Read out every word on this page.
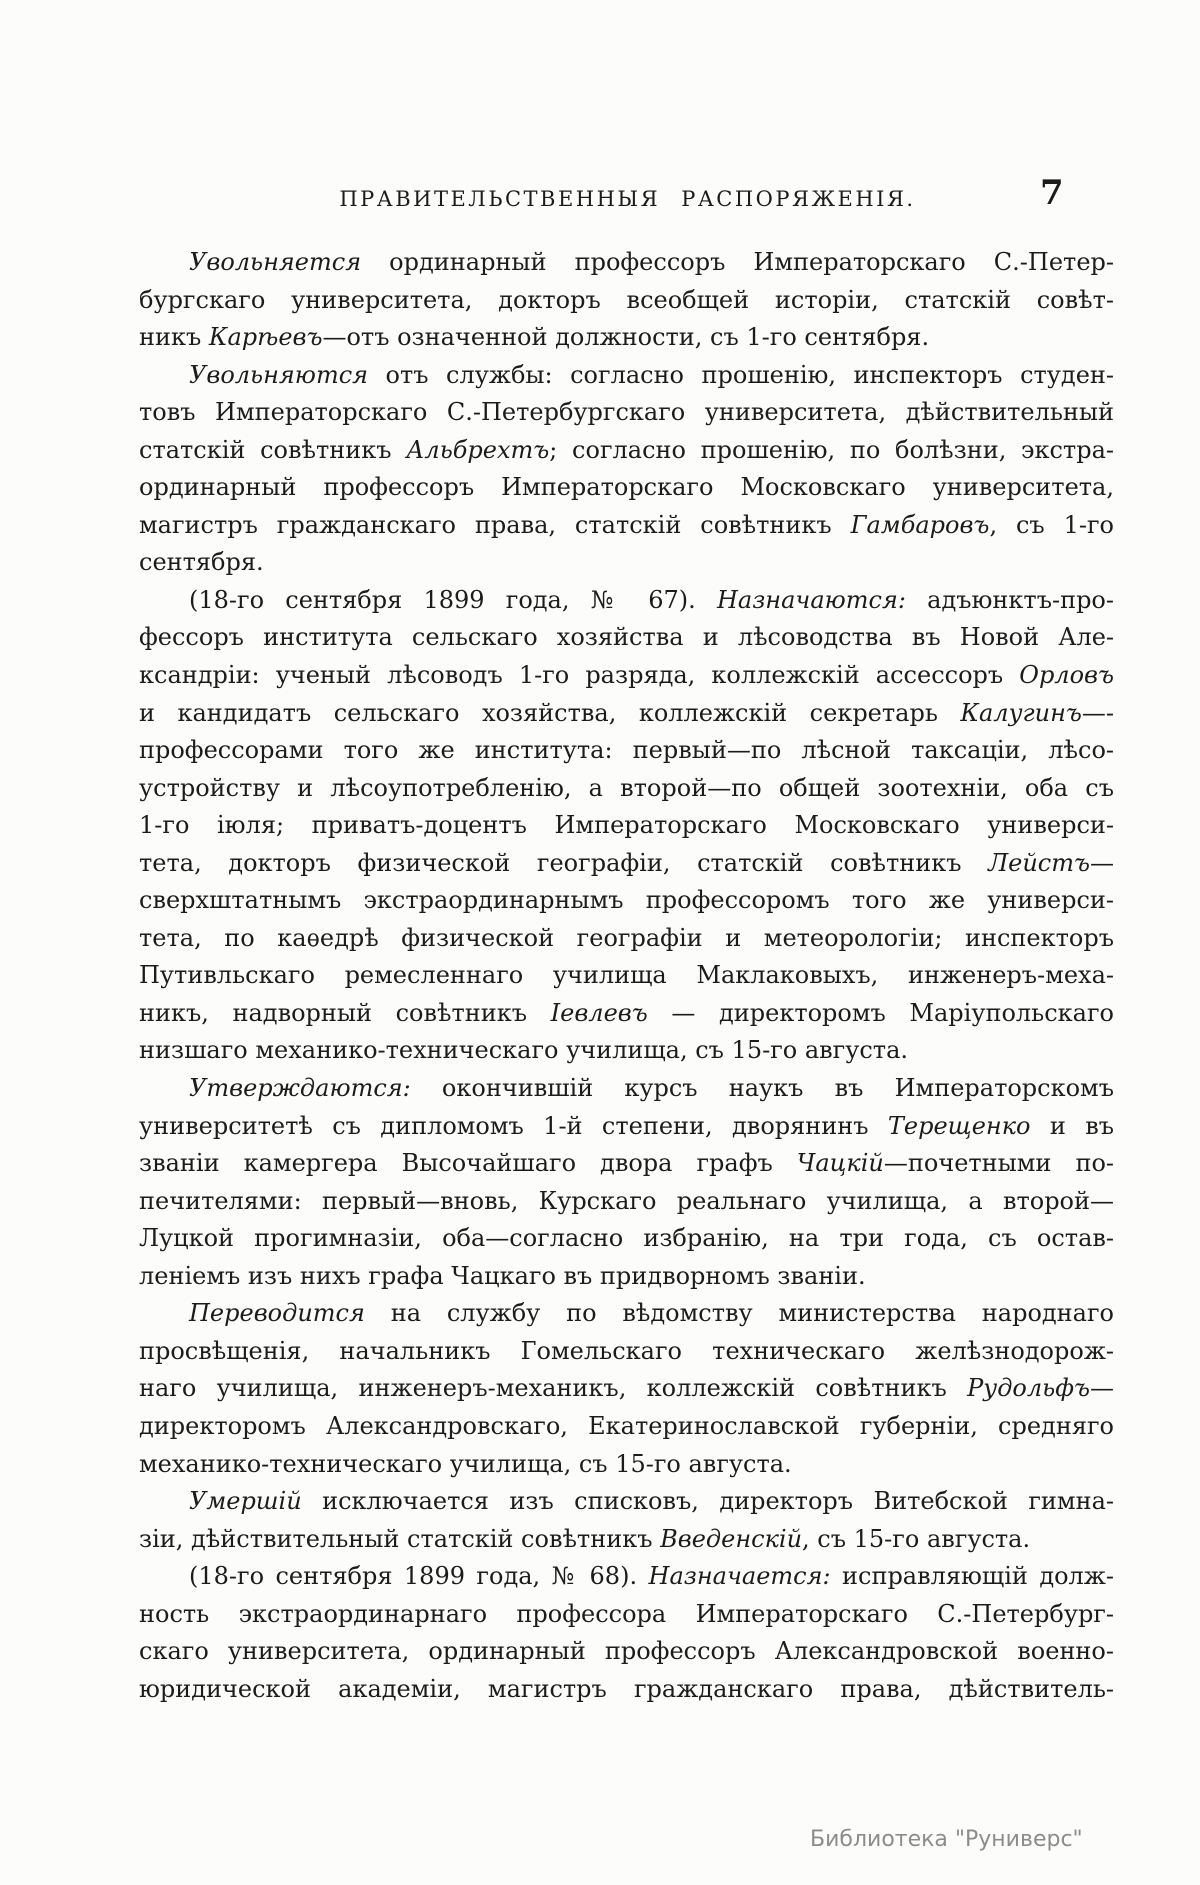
ПРАВИТЕЛЬСТВЕННЫЯ РАСПОРЯЖЕНІЯ.	7
Увольняется ординарный профессоръ Императорскаго С.-Петер-
бургскаго университета, докторъ всеобщей исторіи, статскій совѣт-
никъ Карѣевъ—отъ означенной должности, съ 1-го сентября.
Увольняются отъ службы: согласно прошенію, инспекторъ студен-
товъ Императорскаго С.-Петербургскаго университета, дѣйствительный
статскій совѣтникъ Альбрехтъ; согласно прошенію, по болѣзни, экстра-
ординарный профессоръ Императорскаго Московскаго университета,
магистръ гражданскаго права, статскій совѣтникъ Гамбаровъ, съ 1-го
сентября.
(18-го сентября 1899 года, № 67). Назначаются: адъюнктъ-про-
фессоръ института сельскаго хозяйства и лѣсоводства въ Новой Але-
ксандріи: ученый лѣсоводъ 1-го разряда, коллежскій ассессоръ Орловъ
и кандидатъ сельскаго хозяйства, коллежскій секретарь Калугинъ—-
профессорами того же института: первый—по лѣсной таксаціи, лѣсо-
устройству и лѣсоупотребленію, а второй—по общей зоотехніи, оба съ
1-го іюля; приватъ-доцентъ Императорскаго Московскаго универси-
тета, докторъ физической географіи, статскій совѣтникъ Лейстъ—
сверхштатнымъ экстраординарнымъ профессоромъ того же универси-
тета, по каѳедрѣ физической географіи и метеорологіи; инспекторъ
Путивльскаго ремесленнаго училища Маклаковыхъ, инженеръ-меха-
никъ, надворный совѣтникъ Іевлевъ — директоромъ Маріупольскаго
низшаго механико-техническаго училища, съ 15-го августа.
Утверждаются: окончившій курсъ наукъ въ Императорскомъ
университетѣ съ дипломомъ 1-й степени, дворянинъ Терещенко и въ
званіи камергера Высочайшаго двора графъ Чацкій—почетными по-
печителями: первый—вновь, Курскаго реальнаго училища, а второй—
Луцкой прогимназіи, оба—согласно избранію, на три года, съ остав-
леніемъ изъ нихъ графа Чацкаго въ придворномъ званіи.
Переводится на службу по вѣдомству министерства народнаго
просвѣщенія, начальникъ Гомельскаго техническаго желѣзнодорож-
наго училища, инженеръ-механикъ, коллежскій совѣтникъ Рудольфъ—
директоромъ Александровскаго, Екатеринославской губерніи, средняго
механико-техническаго училища, съ 15-го августа.
Умершій исключается изъ списковъ, директоръ Витебской гимна-
зіи, дѣйствительный статскій совѣтникъ Введенскій, съ 15-го августа.
(18-го сентября 1899 года, № 68). Назначается: исправляющій долж-
ность экстраординарнаго профессора Императорскаго С.-Петербург-
скаго университета, ординарный профессоръ Александровской военно-
юридической академіи, магистръ гражданскаго права, дѣйствитель-
Библиотека "Руниверс"
